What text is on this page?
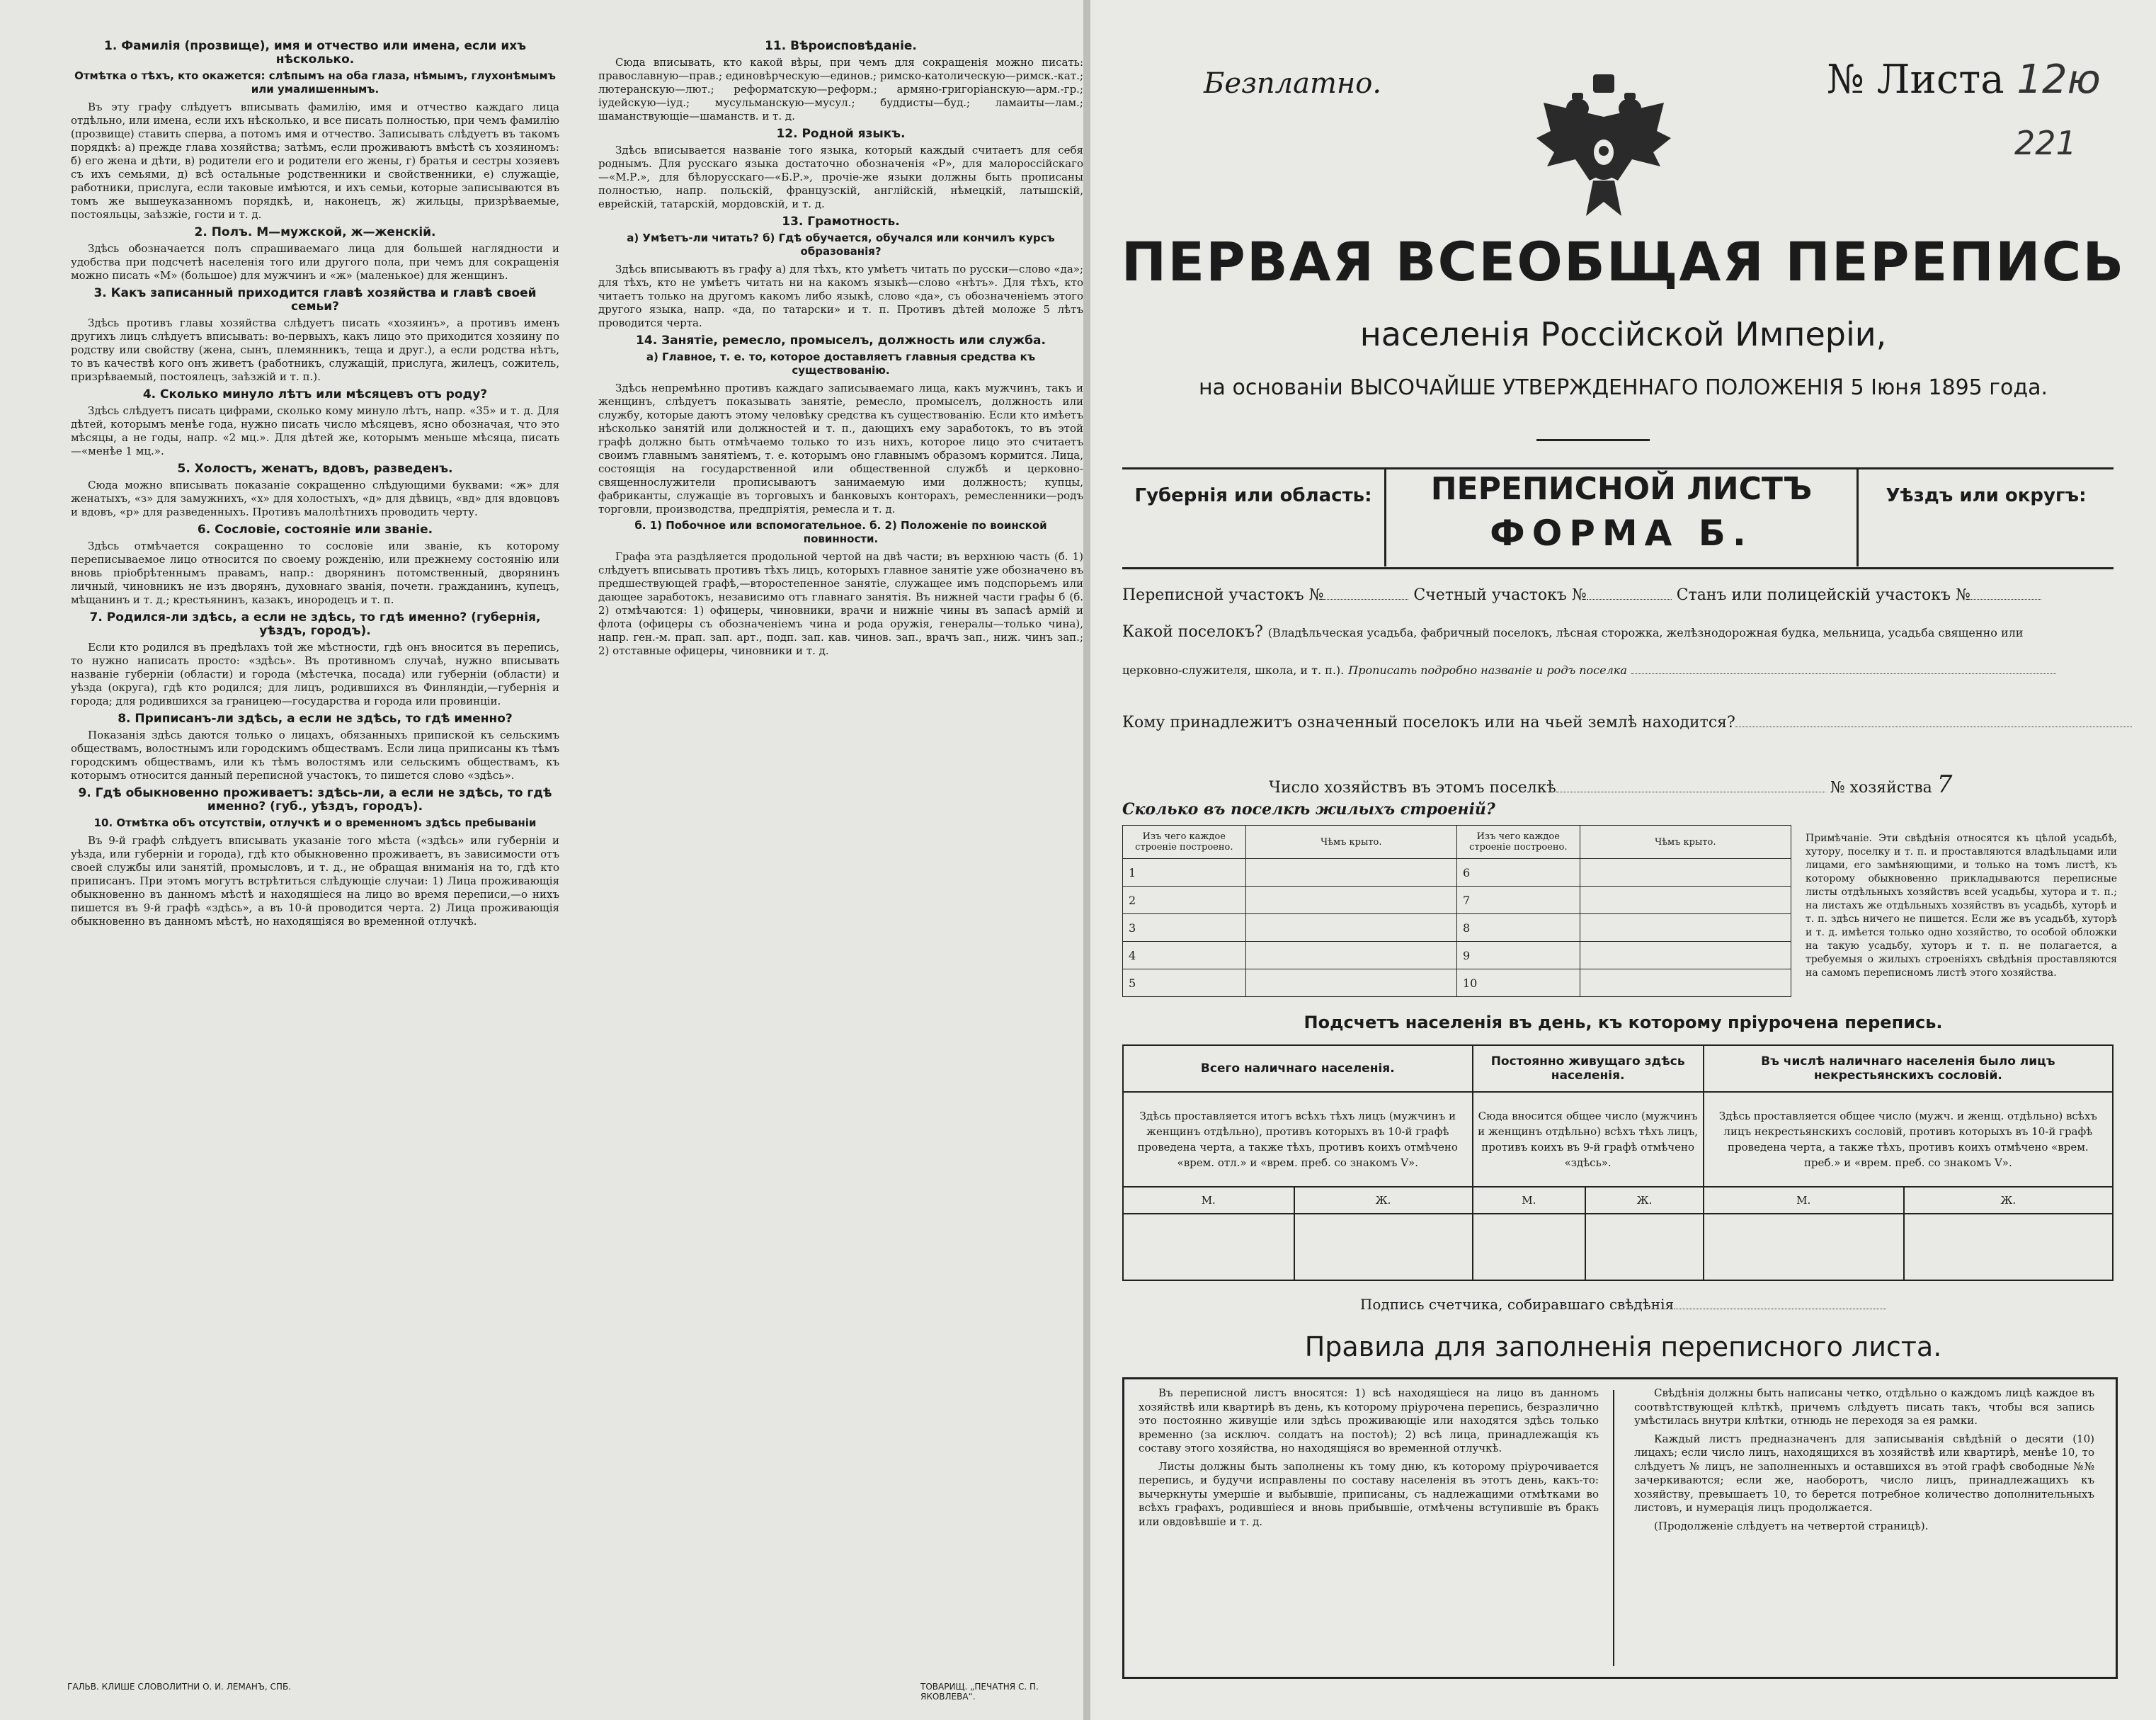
1. Фамилія (прозвище), имя и отчество или имена, если ихъ нѣсколько.
Отмѣтка о тѣхъ, кто окажется: слѣпымъ на оба глаза, нѣмымъ, глухонѣмымъ или умалишеннымъ.

Въ эту графу слѣдуетъ вписывать фамилію, имя и отчество каждаго лица отдѣльно, или имена, если ихъ нѣсколько, и все писать полностью, при чемъ фамилію (прозвище) ставить сперва, а потомъ имя и отчество. Записывать слѣдуетъ въ такомъ порядкѣ: а) прежде глава хозяйства; затѣмъ, если проживаютъ вмѣстѣ съ хозяиномъ: б) его жена и дѣти, в) родители его и родители его жены, г) братья и сестры хозяевъ съ ихъ семьями, д) всѣ остальные родственники и свойственники, е) служащіе, работники, прислуга, если таковые имѣются, и ихъ семьи, которые записываются въ томъ же вышеуказанномъ порядкѣ, и, наконецъ, ж) жильцы, призрѣваемые, постояльцы, заѣзжіе, гости и т. д.

2. Полъ. М—мужской, ж—женскій.

Здѣсь обозначается полъ спрашиваемаго лица для большей наглядности и удобства при подсчетѣ населенія того или другого пола, при чемъ для сокращенія можно писать «М» (большое) для мужчинъ и «ж» (маленькое) для женщинъ.

3. Какъ записанный приходится главѣ хозяйства и главѣ своей семьи?

Здѣсь противъ главы хозяйства слѣдуетъ писать «хозяинъ», а противъ именъ другихъ лицъ слѣдуетъ вписывать: во-первыхъ, какъ лицо это приходится хозяину по родству или свойству (жена, сынъ, племянникъ, теща и друг.), а если родства нѣтъ, то въ качествѣ кого онъ живетъ (работникъ, служащій, прислуга, жилецъ, сожитель, призрѣваемый, постоялецъ, заѣзжій и т. п.).

4. Сколько минуло лѣтъ или мѣсяцевъ отъ роду?

Здѣсь слѣдуетъ писать цифрами, сколько кому минуло лѣтъ, напр. «35» и т. д. Для дѣтей, которымъ менѣе года, нужно писать число мѣсяцевъ, ясно обозначая, что это мѣсяцы, а не годы, напр. «2 мц.». Для дѣтей же, которымъ меньше мѣсяца, писать—«менѣе 1 мц.».

5. Холостъ, женатъ, вдовъ, разведенъ.

Сюда можно вписывать показаніе сокращенно слѣдующими буквами: «ж» для женатыхъ, «з» для замужнихъ, «х» для холостыхъ, «д» для дѣвицъ, «вд» для вдовцовъ и вдовъ, «р» для разведенныхъ. Противъ малолѣтнихъ проводить черту.

6. Сословіе, состояніе или званіе.

Здѣсь отмѣчается сокращенно то сословіе или званіе, къ которому переписываемое лицо относится по своему рожденію, или прежнему состоянію или вновь пріобрѣтеннымъ правамъ, напр.: дворянинъ потомственный, дворянинъ личный, чиновникъ не изъ дворянъ, духовнаго званія, почетн. гражданинъ, купецъ, мѣщанинъ и т. д.; крестьянинъ, казакъ, инородецъ и т. п.

7. Родился-ли здѣсь, а если не здѣсь, то гдѣ именно? (губернія, уѣздъ, городъ).

Если кто родился въ предѣлахъ той же мѣстности, гдѣ онъ вносится въ перепись, то нужно написать просто: «здѣсь». Въ противномъ случаѣ, нужно вписывать названіе губерніи (области) и города (мѣстечка, посада) или губерніи (области) и уѣзда (округа), гдѣ кто родился; для лицъ, родившихся въ Финляндіи,—губернія и города; для родившихся за границею—государства и города или провинціи.

8. Приписанъ-ли здѣсь, а если не здѣсь, то гдѣ именно?

Показанія здѣсь даются только о лицахъ, обязанныхъ припиской къ сельскимъ обществамъ, волостнымъ или городскимъ обществамъ. Если лица приписаны къ тѣмъ городскимъ обществамъ, или къ тѣмъ волостямъ или сельскимъ обществамъ, къ которымъ относится данный переписной участокъ, то пишется слово «здѣсь».

9. Гдѣ обыкновенно проживаетъ: здѣсь-ли, а если не здѣсь, то гдѣ именно? (губ., уѣздъ, городъ).
10. Отмѣтка объ отсутствіи, отлучкѣ и о временномъ здѣсь пребываніи

Въ 9-й графѣ слѣдуетъ вписывать указаніе того мѣста («здѣсь» или губерніи и уѣзда, или губерніи и города), гдѣ кто обыкновенно проживаетъ, въ зависимости отъ своей службы или занятій, промысловъ, и т. д., не обращая вниманія на то, гдѣ кто приписанъ. При этомъ могутъ встрѣтиться слѣдующіе случаи: 1) Лица проживающія обыкновенно въ данномъ мѣстѣ и находящіеся на лицо во время переписи,—о нихъ пишется въ 9-й графѣ «здѣсь», а въ 10-й проводится черта. 2) Лица проживающія обыкновенно въ данномъ мѣстѣ, но находящіяся во временной отлучкѣ.

11. Вѣроисповѣданіе.

Сюда вписывать, кто какой вѣры, при чемъ для сокращенія можно писать: православную—прав.; единовѣрческую—единов.; римско-католическую—римск.-кат.; лютеранскую—лют.; реформатскую—реформ.; армяно-григоріанскую—арм.-гр.; іудейскую—іуд.; мусульманскую—мусул.; буддисты—буд.; ламаиты—лам.; шаманствующіе—шаманств. и т. д.

12. Родной языкъ.

Здѣсь вписывается названіе того языка, который каждый считаетъ для себя роднымъ. Для русскаго языка достаточно обозначенія «Р», для малороссійскаго—«М.Р.», для бѣлорусскаго—«Б.Р.», прочіе-же языки должны быть прописаны полностью, напр. польскій, французскій, англійскій, нѣмецкій, латышскій, еврейскій, татарскій, мордовскій, и т. д.

13. Грамотность.
а) Умѣетъ-ли читать? б) Гдѣ обучается, обучался или кончилъ курсъ образованія?

Здѣсь вписываютъ въ графу а) для тѣхъ, кто умѣетъ читать по русски—слово «да»; для тѣхъ, кто не умѣетъ читать ни на какомъ языкѣ—слово «нѣтъ». Для тѣхъ, кто читаетъ только на другомъ какомъ либо языкѣ, слово «да», съ обозначеніемъ этого другого языка, напр. «да, по татарски» и т. п. Противъ дѣтей моложе 5 лѣтъ проводится черта.

14. Занятіе, ремесло, промыселъ, должность или служба.
а) Главное, т. е. то, которое доставляетъ главныя средства къ существованію.

Здѣсь непремѣнно противъ каждаго записываемаго лица, какъ мужчинъ, такъ и женщинъ, слѣдуетъ показывать занятіе, ремесло, промыселъ, должность или службу, которые даютъ этому человѣку средства къ существованію. Если кто имѣетъ нѣсколько занятій или должностей и т. п., дающихъ ему заработокъ, то въ этой графѣ должно быть отмѣчаемо только то изъ нихъ, которое лицо это считаетъ своимъ главнымъ занятіемъ, т. е. которымъ оно главнымъ образомъ кормится. Лица, состоящія на государственной или общественной службѣ и церковно-священнослужители прописываютъ занимаемую ими должность; купцы, фабриканты, служащіе въ торговыхъ и банковыхъ конторахъ, ремесленники—родъ торговли, производства, предпріятія, ремесла и т. д.

б. 1) Побочное или вспомогательное. б. 2) Положеніе по воинской повинности.

Графа эта раздѣляется продольной чертой на двѣ части; въ верхнюю часть (б. 1) слѣдуетъ вписывать противъ тѣхъ лицъ, которыхъ главное занятіе уже обозначено въ предшествующей графѣ,—второстепенное занятіе, служащее имъ подспорьемъ или дающее заработокъ, независимо отъ главнаго занятія. Въ нижней части графы б (б. 2) отмѣчаются: 1) офицеры, чиновники, врачи и нижніе чины въ запасѣ армій и флота (офицеры съ обозначеніемъ чина и рода оружія, генералы—только чина), напр. ген.-м. прап. зап. арт., подп. зап. кав. чинов. зап., врачъ зап., ниж. чинъ зап.; 2) отставные офицеры, чиновники и т. д.

ГАЛЬВ. КЛИШЕ СЛОВОЛИТНИ О. И. ЛЕМАНЪ, СПБ.	ТОВАРИЩ. „ПЕЧАТНЯ С. П. ЯКОВЛЕВА“.
Безплатно.	№ Листа 12ю
221
ПЕРВАЯ ВСЕОБЩАЯ ПЕРЕПИСЬ
населенія Россійской Имперіи,
на основаніи ВЫСОЧАЙШЕ УТВЕРЖДЕННАГО ПОЛОЖЕНІЯ 5 Іюня 1895 года.
Губернія или область:	ПЕРЕПИСНОЙ ЛИСТЪ
ФОРМА Б.
Уѣздъ или округъ:
Переписной участокъ №	Счетный участокъ №	Станъ или полицейскій участокъ №
Какой поселокъ? (Владѣльческая усадьба, фабричный поселокъ, лѣсная сторожка, желѣзнодорожная будка, мельница, усадьба священно или
церковно-служителя, школа, и т. п.). Прописать подробно названіе и родъ поселка
Кому принадлежитъ означенный поселокъ или на чьей землѣ находится?
Число хозяйствъ въ этомъ поселкѣ	№ хозяйства 7
Сколько въ поселкѣ жилыхъ строеній?
Изъ чего каждое строеніе построено.	Чѣмъ крыто.	Изъ чего каждое строеніе построено.	Чѣмъ крыто.
1		6	
2		7	
3		8	
4		9	
5		10	
Примѣчаніе. Эти свѣдѣнія относятся къ цѣлой усадьбѣ, хутору, поселку и т. п. и проставляются владѣльцами или лицами, его замѣняющими, и только на томъ листѣ, къ которому обыкновенно прикладываются переписные листы отдѣльныхъ хозяйствъ всей усадьбы, хутора и т. п.; на листахъ же отдѣльныхъ хозяйствъ въ усадьбѣ, хуторѣ и т. п. здѣсь ничего не пишется. Если же въ усадьбѣ, хуторѣ и т. д. имѣется только одно хозяйство, то особой обложки на такую усадьбу, хуторъ и т. п. не полагается, а требуемыя о жилыхъ строеніяхъ свѣдѣнія проставляются на самомъ переписномъ листѣ этого хозяйства.
Подсчетъ населенія въ день, къ которому пріурочена перепись.
Всего наличнаго населенія.		Постоянно живущаго здѣсь населенія.		Въ числѣ наличнаго населенія было лицъ некрестьянскихъ сословій.	
Здѣсь проставляется итогъ всѣхъ тѣхъ лицъ (мужчинъ и женщинъ отдѣльно), противъ которыхъ въ 10-й графѣ проведена черта, а также тѣхъ, противъ коихъ отмѣчено «врем. отл.» и «врем. преб. со знакомъ V».		Сюда вносится общее число (мужчинъ и женщинъ отдѣльно) всѣхъ тѣхъ лицъ, противъ коихъ въ 9-й графѣ отмѣчено «здѣсь».		Здѣсь проставляется общее число (мужч. и женщ. отдѣльно) всѣхъ лицъ некрестьянскихъ сословій, противъ которыхъ въ 10-й графѣ проведена черта, а также тѣхъ, противъ коихъ отмѣчено «врем. преб.» и «врем. преб. со знакомъ V».	
М.	Ж.	М.	Ж.	М.	Ж.

Подпись счетчика, собиравшаго свѣдѣнія
Правила для заполненія переписного листа.

Въ переписной листъ вносятся: 1) всѣ находящіеся на лицо въ данномъ хозяйствѣ или квартирѣ въ день, къ которому пріурочена перепись, безразлично это постоянно живущіе или здѣсь проживающіе или находятся здѣсь только временно (за исключ. солдатъ на постоѣ); 2) всѣ лица, принадлежащія къ составу этого хозяйства, но находящіяся во временной отлучкѣ.

Листы должны быть заполнены къ тому дню, къ которому пріурочивается перепись, и будучи исправлены по составу населенія въ этотъ день, какъ-то: вычеркнуты умершіе и выбывшіе, приписаны, съ надлежащими отмѣтками во всѣхъ графахъ, родившіеся и вновь прибывшіе, отмѣчены вступившіе въ бракъ или овдовѣвшіе и т. д.

Свѣдѣнія должны быть написаны четко, отдѣльно о каждомъ лицѣ каждое въ соотвѣтствующей клѣткѣ, причемъ слѣдуетъ писать такъ, чтобы вся запись умѣстилась внутри клѣтки, отнюдь не переходя за ея рамки.

Каждый листъ предназначенъ для записыванія свѣдѣній о десяти (10) лицахъ; если число лицъ, находящихся въ хозяйствѣ или квартирѣ, менѣе 10, то слѣдуетъ № лицъ, не заполненныхъ и оставшихся въ этой графѣ свободные №№ зачеркиваются; если же, наоборотъ, число лицъ, принадлежащихъ къ хозяйству, превышаетъ 10, то берется потребное количество дополнительныхъ листовъ, и нумерація лицъ продолжается.

(Продолженіе слѣдуетъ на четвертой страницѣ).
